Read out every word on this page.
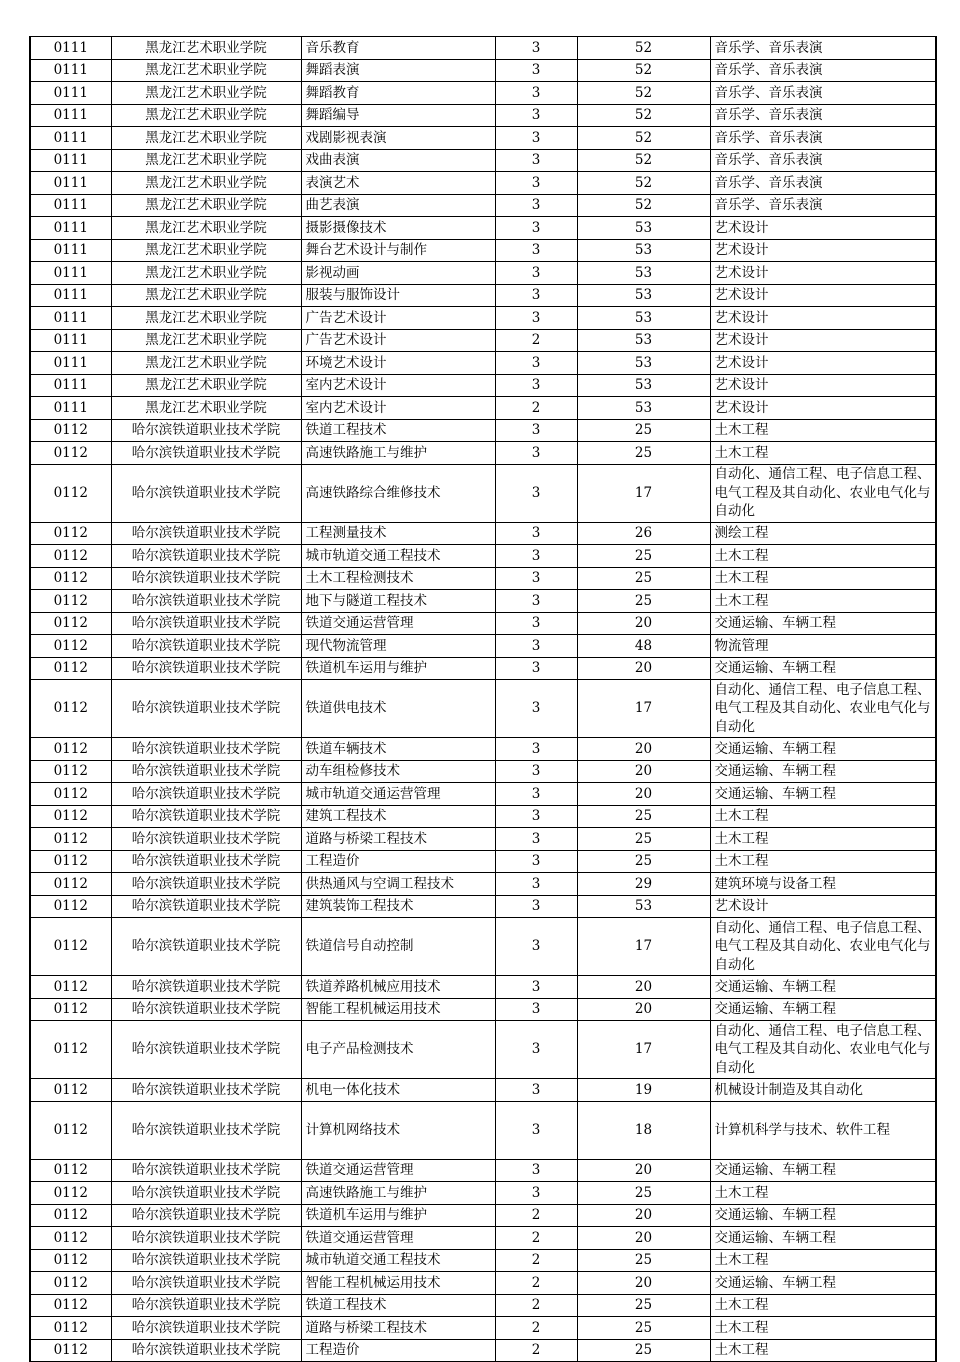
0111	黑龙江艺术职业学院	音乐教育	3	52	音乐学、音乐表演
0111	黑龙江艺术职业学院	舞蹈表演	3	52	音乐学、音乐表演
0111	黑龙江艺术职业学院	舞蹈教育	3	52	音乐学、音乐表演
0111	黑龙江艺术职业学院	舞蹈编导	3	52	音乐学、音乐表演
0111	黑龙江艺术职业学院	戏剧影视表演	3	52	音乐学、音乐表演
0111	黑龙江艺术职业学院	戏曲表演	3	52	音乐学、音乐表演
0111	黑龙江艺术职业学院	表演艺术	3	52	音乐学、音乐表演
0111	黑龙江艺术职业学院	曲艺表演	3	52	音乐学、音乐表演
0111	黑龙江艺术职业学院	摄影摄像技术	3	53	艺术设计
0111	黑龙江艺术职业学院	舞台艺术设计与制作	3	53	艺术设计
0111	黑龙江艺术职业学院	影视动画	3	53	艺术设计
0111	黑龙江艺术职业学院	服装与服饰设计	3	53	艺术设计
0111	黑龙江艺术职业学院	广告艺术设计	3	53	艺术设计
0111	黑龙江艺术职业学院	广告艺术设计	2	53	艺术设计
0111	黑龙江艺术职业学院	环境艺术设计	3	53	艺术设计
0111	黑龙江艺术职业学院	室内艺术设计	3	53	艺术设计
0111	黑龙江艺术职业学院	室内艺术设计	2	53	艺术设计
0112	哈尔滨铁道职业技术学院	铁道工程技术	3	25	土木工程
0112	哈尔滨铁道职业技术学院	高速铁路施工与维护	3	25	土木工程
0112	哈尔滨铁道职业技术学院	高速铁路综合维修技术	3	17	自动化、通信工程、电子信息工程、电气工程及其自动化、农业电气化与自动化
0112	哈尔滨铁道职业技术学院	工程测量技术	3	26	测绘工程
0112	哈尔滨铁道职业技术学院	城市轨道交通工程技术	3	25	土木工程
0112	哈尔滨铁道职业技术学院	土木工程检测技术	3	25	土木工程
0112	哈尔滨铁道职业技术学院	地下与隧道工程技术	3	25	土木工程
0112	哈尔滨铁道职业技术学院	铁道交通运营管理	3	20	交通运输、车辆工程
0112	哈尔滨铁道职业技术学院	现代物流管理	3	48	物流管理
0112	哈尔滨铁道职业技术学院	铁道机车运用与维护	3	20	交通运输、车辆工程
0112	哈尔滨铁道职业技术学院	铁道供电技术	3	17	自动化、通信工程、电子信息工程、电气工程及其自动化、农业电气化与自动化
0112	哈尔滨铁道职业技术学院	铁道车辆技术	3	20	交通运输、车辆工程
0112	哈尔滨铁道职业技术学院	动车组检修技术	3	20	交通运输、车辆工程
0112	哈尔滨铁道职业技术学院	城市轨道交通运营管理	3	20	交通运输、车辆工程
0112	哈尔滨铁道职业技术学院	建筑工程技术	3	25	土木工程
0112	哈尔滨铁道职业技术学院	道路与桥梁工程技术	3	25	土木工程
0112	哈尔滨铁道职业技术学院	工程造价	3	25	土木工程
0112	哈尔滨铁道职业技术学院	供热通风与空调工程技术	3	29	建筑环境与设备工程
0112	哈尔滨铁道职业技术学院	建筑装饰工程技术	3	53	艺术设计
0112	哈尔滨铁道职业技术学院	铁道信号自动控制	3	17	自动化、通信工程、电子信息工程、电气工程及其自动化、农业电气化与自动化
0112	哈尔滨铁道职业技术学院	铁道养路机械应用技术	3	20	交通运输、车辆工程
0112	哈尔滨铁道职业技术学院	智能工程机械运用技术	3	20	交通运输、车辆工程
0112	哈尔滨铁道职业技术学院	电子产品检测技术	3	17	自动化、通信工程、电子信息工程、电气工程及其自动化、农业电气化与自动化
0112	哈尔滨铁道职业技术学院	机电一体化技术	3	19	机械设计制造及其自动化
0112	哈尔滨铁道职业技术学院	计算机网络技术	3	18	计算机科学与技术、软件工程
0112	哈尔滨铁道职业技术学院	铁道交通运营管理	3	20	交通运输、车辆工程
0112	哈尔滨铁道职业技术学院	高速铁路施工与维护	3	25	土木工程
0112	哈尔滨铁道职业技术学院	铁道机车运用与维护	2	20	交通运输、车辆工程
0112	哈尔滨铁道职业技术学院	铁道交通运营管理	2	20	交通运输、车辆工程
0112	哈尔滨铁道职业技术学院	城市轨道交通工程技术	2	25	土木工程
0112	哈尔滨铁道职业技术学院	智能工程机械运用技术	2	20	交通运输、车辆工程
0112	哈尔滨铁道职业技术学院	铁道工程技术	2	25	土木工程
0112	哈尔滨铁道职业技术学院	道路与桥梁工程技术	2	25	土木工程
0112	哈尔滨铁道职业技术学院	工程造价	2	25	土木工程
